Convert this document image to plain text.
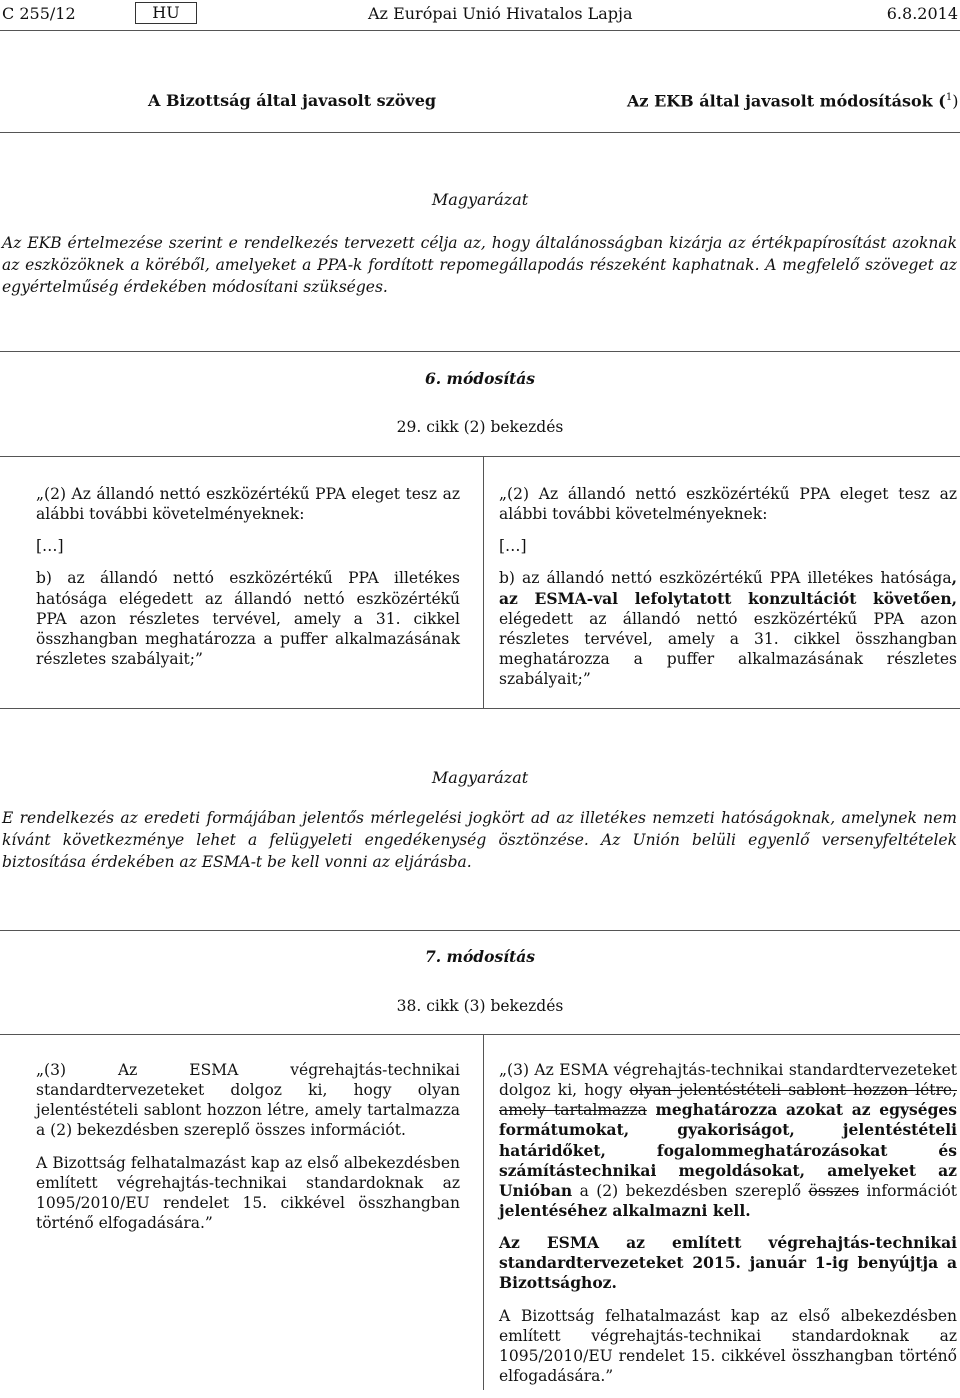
C 255/12	HU	Az Európai Unió Hivatalos Lapja	6.8.2014
A Bizottság által javasolt szöveg	Az EKB által javasolt módosítások ($^1$)
Magyarázat
Az EKB értelmezése szerint e rendelkezés tervezett célja az, hogy általánosságban kizárja az értékpapírosítást azoknak az eszközöknek a köréből, amelyeket a PPA-k fordított repomegállapodás részeként kaphatnak. A megfelelő szöveget az egyértelműség érdekében módosítani szükséges.
6. módosítás
29. cikk (2) bekezdés

„(2) Az állandó nettó eszközértékű PPA eleget tesz az alábbi további követelményeknek:

[…]

b) az állandó nettó eszközértékű PPA illetékes hatósága elégedett az állandó nettó eszközértékű PPA azon részletes tervével, amely a 31. cikkel összhangban meghatározza a puffer alkalmazásának részletes szabályait;”

„(2) Az állandó nettó eszközértékű PPA eleget tesz az alábbi további követelményeknek:

[…]

b) az állandó nettó eszközértékű PPA illetékes hatósága, az ESMA-val lefolytatott konzultációt követően, elégedett az állandó nettó eszközértékű PPA azon részletes tervével, amely a 31. cikkel összhangban meghatározza a puffer alkalmazásának részletes szabályait;”

Magyarázat
E rendelkezés az eredeti formájában jelentős mérlegelési jogkört ad az illetékes nemzeti hatóságoknak, amelynek nem kívánt következménye lehet a felügyeleti engedékenység ösztönzése. Az Unión belüli egyenlő versenyfeltételek biztosítása érdekében az ESMA-t be kell vonni az eljárásba.
7. módosítás
38. cikk (3) bekezdés

„(3) Az ESMA végrehajtás-technikai standardtervezeteket dolgoz ki, hogy olyan jelentéstételi sablont hozzon létre, amely tartalmazza a (2) bekezdésben szereplő összes információt.

A Bizottság felhatalmazást kap az első albekezdésben említett végrehajtás-technikai standardoknak az 1095/2010/EU rendelet 15. cikkével összhangban történő elfogadására.”

„(3) Az ESMA végrehajtás-technikai standardtervezeteket dolgoz ki, hogy olyan jelentéstételi sablont hozzon létre, amely tartalmazza meghatározza azokat az egységes formátumokat, gyakoriságot, jelentéstételi határidőket, fogalommeghatározásokat és számítástechnikai megoldásokat, amelyeket az Unióban a (2) bekezdésben szereplő összes információt jelentéséhez alkalmazni kell.

Az ESMA az említett végrehajtás-technikai standardtervezeteket 2015. január 1-ig benyújtja a Bizottsághoz.

A Bizottság felhatalmazást kap az első albekezdésben említett végrehajtás-technikai standardoknak az 1095/2010/EU rendelet 15. cikkével összhangban történő elfogadására.”
